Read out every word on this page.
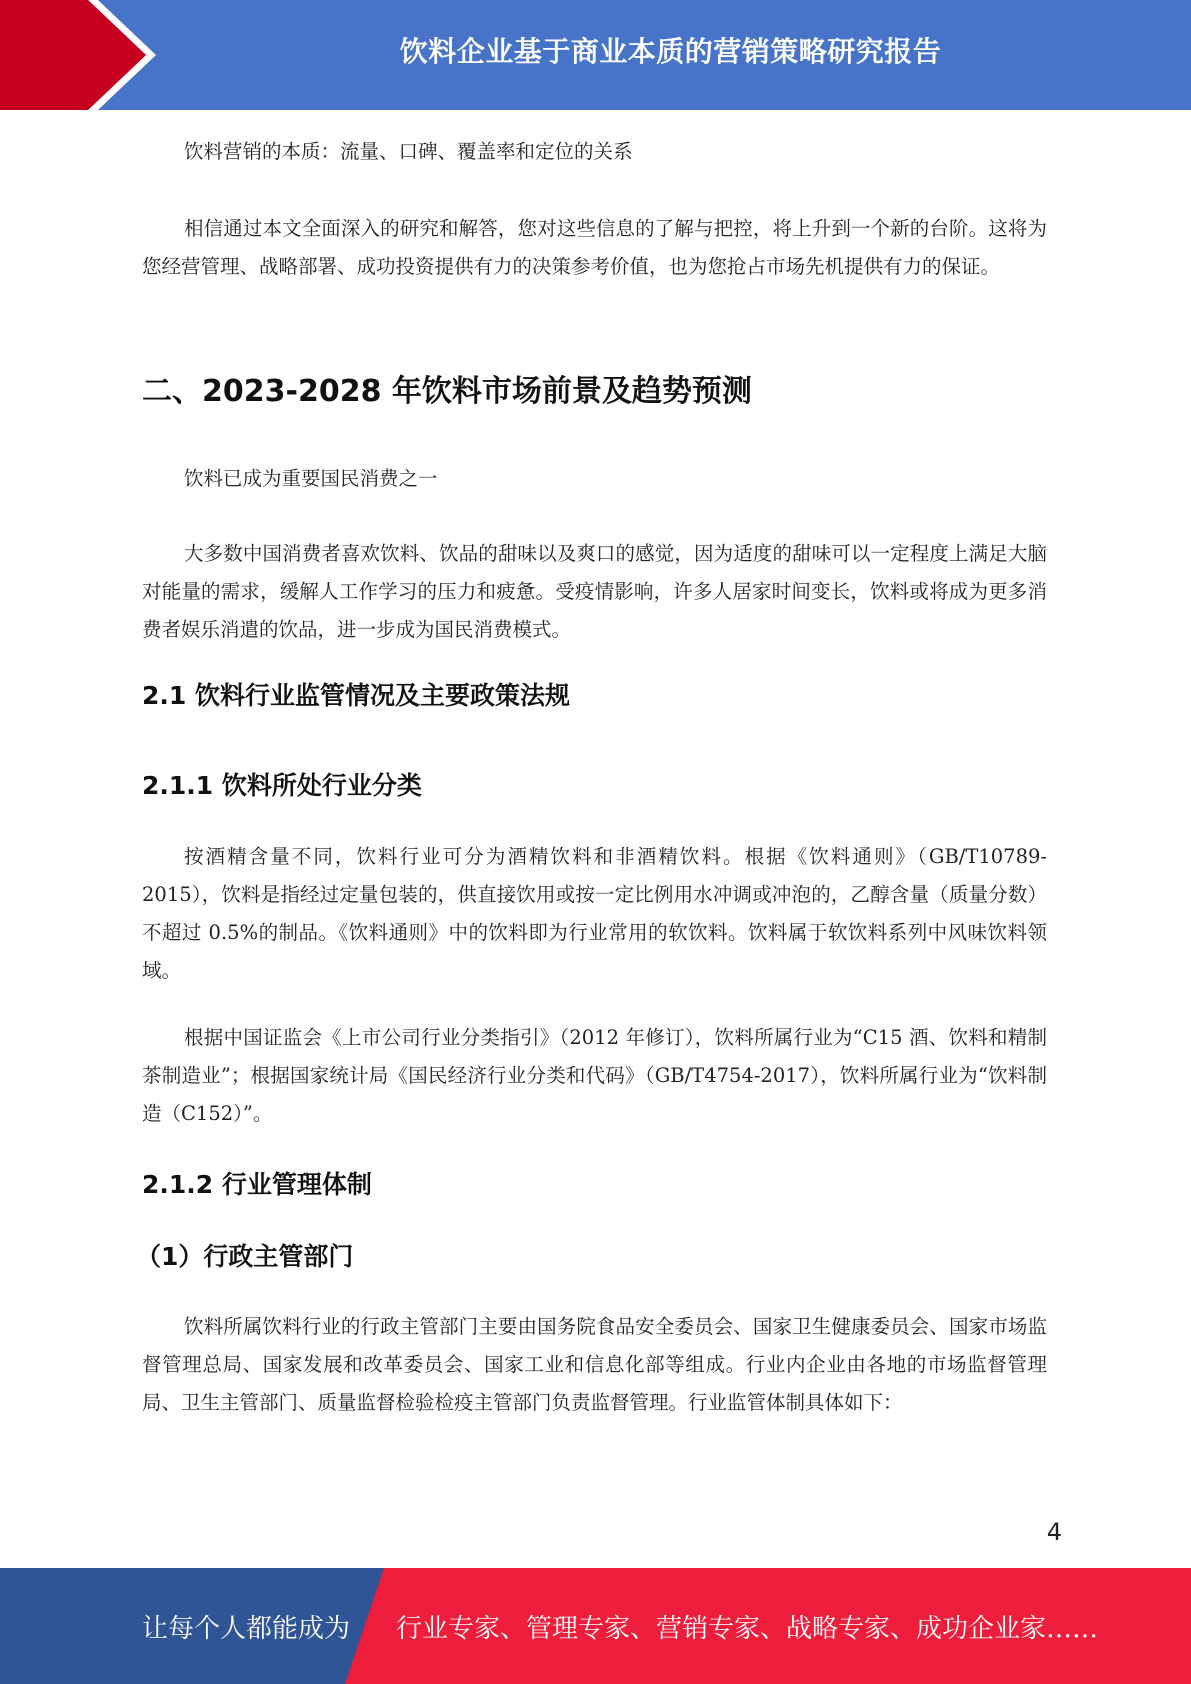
饮料企业基于商业本质的营销策略研究报告

饮料营销的本质：流量、口碑、覆盖率和定位的关系

相信通过本文全面深入的研究和解答，您对这些信息的了解与把控，将上升到一个新的台阶。这将为您经营管理、战略部署、成功投资提供有力的决策参考价值，也为您抢占市场先机提供有力的保证。

二、2023-2028 年饮料市场前景及趋势预测

饮料已成为重要国民消费之一

大多数中国消费者喜欢饮料、饮品的甜味以及爽口的感觉，因为适度的甜味可以一定程度上满足大脑对能量的需求，缓解人工作学习的压力和疲惫。受疫情影响，许多人居家时间变长，饮料或将成为更多消费者娱乐消遣的饮品，进一步成为国民消费模式。

2.1 饮料行业监管情况及主要政策法规
2.1.1 饮料所处行业分类

按酒精含量不同，饮料行业可分为酒精饮料和非酒精饮料。根据《饮料通则》（GB/T10789-2015），饮料是指经过定量包装的，供直接饮用或按一定比例用水冲调或冲泡的，乙醇含量（质量分数）不超过 0.5%的制品。《饮料通则》中的饮料即为行业常用的软饮料。饮料属于软饮料系列中风味饮料领域。

根据中国证监会《上市公司行业分类指引》（2012 年修订），饮料所属行业为“C15 酒、饮料和精制茶制造业”；根据国家统计局《国民经济行业分类和代码》（GB/T4754-2017），饮料所属行业为“饮料制造（C152）”。

2.1.2 行业管理体制
（1）行政主管部门

饮料所属饮料行业的行政主管部门主要由国务院食品安全委员会、国家卫生健康委员会、国家市场监督管理总局、国家发展和改革委员会、国家工业和信息化部等组成。行业内企业由各地的市场监督管理局、卫生主管部门、质量监督检验检疫主管部门负责监督管理。行业监管体制具体如下：

4
让每个人都能成为 行业专家、管理专家、营销专家、战略专家、成功企业家……
